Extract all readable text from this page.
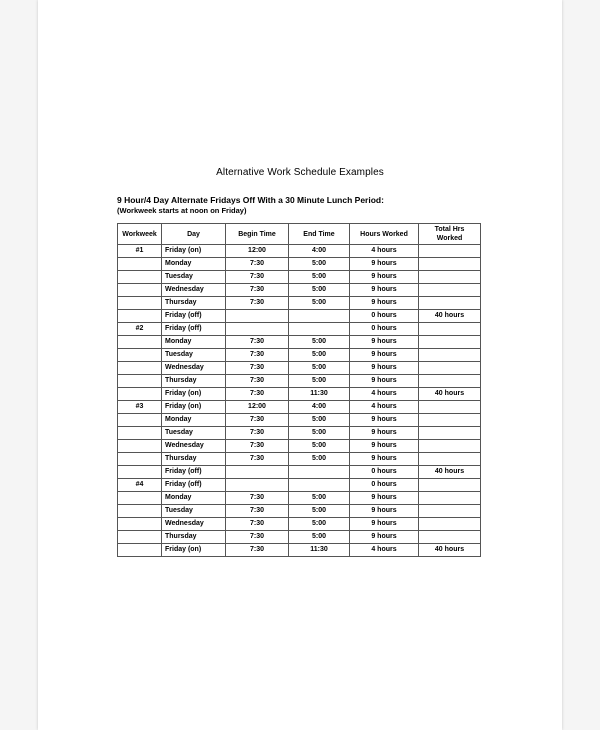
Alternative Work Schedule Examples
9 Hour/4 Day Alternate Fridays Off With a 30 Minute Lunch Period:
(Workweek starts at noon on Friday)
Workweek	Day	Begin Time	End Time	Hours Worked	Total Hrs Worked
#1	Friday (on)	12:00	4:00	4 hours	
	Monday	7:30	5:00	9 hours	
	Tuesday	7:30	5:00	9 hours	
	Wednesday	7:30	5:00	9 hours	
	Thursday	7:30	5:00	9 hours	
	Friday (off)			0 hours	40 hours
#2	Friday (off)			0 hours	
	Monday	7:30	5:00	9 hours	
	Tuesday	7:30	5:00	9 hours	
	Wednesday	7:30	5:00	9 hours	
	Thursday	7:30	5:00	9 hours	
	Friday (on)	7:30	11:30	4 hours	40 hours
#3	Friday (on)	12:00	4:00	4 hours	
	Monday	7:30	5:00	9 hours	
	Tuesday	7:30	5:00	9 hours	
	Wednesday	7:30	5:00	9 hours	
	Thursday	7:30	5:00	9 hours	
	Friday (off)			0 hours	40 hours
#4	Friday (off)			0 hours	
	Monday	7:30	5:00	9 hours	
	Tuesday	7:30	5:00	9 hours	
	Wednesday	7:30	5:00	9 hours	
	Thursday	7:30	5:00	9 hours	
	Friday (on)	7:30	11:30	4 hours	40 hours
